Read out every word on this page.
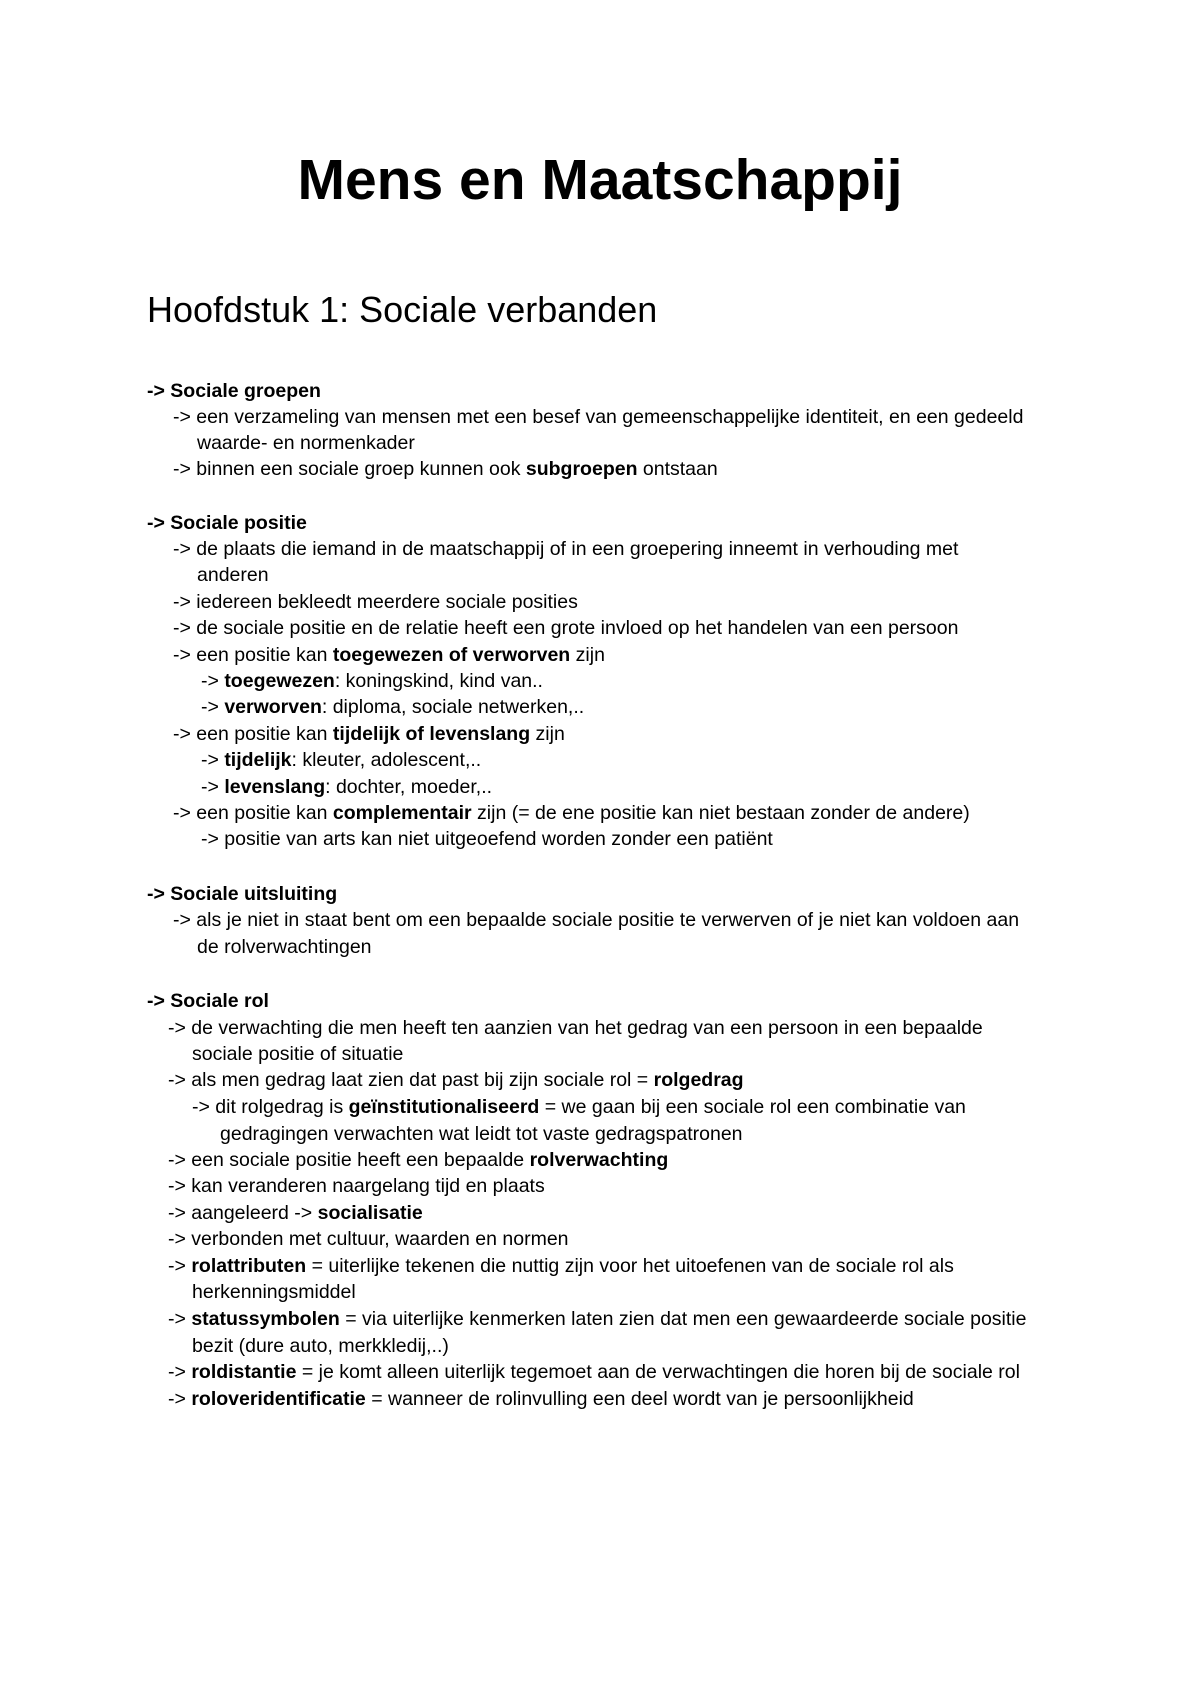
Mens en Maatschappij
Hoofdstuk 1: Sociale verbanden
-> Sociale groepen
-> een verzameling van mensen met een besef van gemeenschappelijke identiteit, en een gedeeld
waarde- en normenkader
-> binnen een sociale groep kunnen ook subgroepen ontstaan
-> Sociale positie
-> de plaats die iemand in de maatschappij of in een groepering inneemt in verhouding met
anderen
-> iedereen bekleedt meerdere sociale posities
-> de sociale positie en de relatie heeft een grote invloed op het handelen van een persoon
-> een positie kan toegewezen of verworven zijn
-> toegewezen: koningskind, kind van..
-> verworven: diploma, sociale netwerken,..
-> een positie kan tijdelijk of levenslang zijn
-> tijdelijk: kleuter, adolescent,..
-> levenslang: dochter, moeder,..
-> een positie kan complementair zijn (= de ene positie kan niet bestaan zonder de andere)
-> positie van arts kan niet uitgeoefend worden zonder een patiënt
-> Sociale uitsluiting
-> als je niet in staat bent om een bepaalde sociale positie te verwerven of je niet kan voldoen aan
de rolverwachtingen
-> Sociale rol
-> de verwachting die men heeft ten aanzien van het gedrag van een persoon in een bepaalde
sociale positie of situatie
-> als men gedrag laat zien dat past bij zijn sociale rol = rolgedrag
-> dit rolgedrag is geïnstitutionaliseerd = we gaan bij een sociale rol een combinatie van
gedragingen verwachten wat leidt tot vaste gedragspatronen
-> een sociale positie heeft een bepaalde rolverwachting
-> kan veranderen naargelang tijd en plaats
-> aangeleerd -> socialisatie
-> verbonden met cultuur, waarden en normen
-> rolattributen = uiterlijke tekenen die nuttig zijn voor het uitoefenen van de sociale rol als
herkenningsmiddel
-> statussymbolen = via uiterlijke kenmerken laten zien dat men een gewaardeerde sociale positie
bezit (dure auto, merkkledij,..)
-> roldistantie = je komt alleen uiterlijk tegemoet aan de verwachtingen die horen bij de sociale rol
-> roloveridentificatie = wanneer de rolinvulling een deel wordt van je persoonlijkheid
